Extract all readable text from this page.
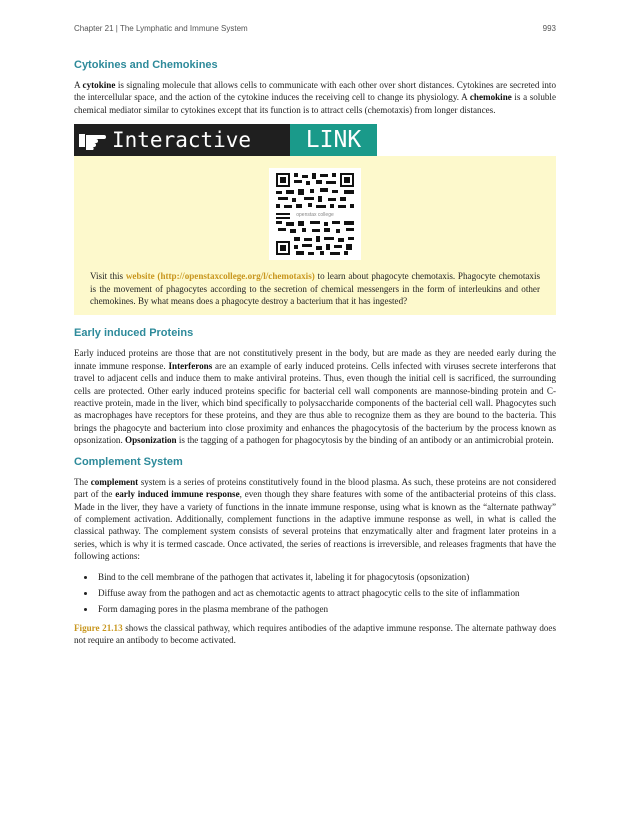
Chapter 21 | The Lymphatic and Immune System	993
Cytokines and Chemokines

A cytokine is signaling molecule that allows cells to communicate with each other over short distances. Cytokines are secreted into the intercellular space, and the action of the cytokine induces the receiving cell to change its physiology. A chemokine is a soluble chemical mediator similar to cytokines except that its function is to attract cells (chemotaxis) from longer distances.

Interactive	LINK
openstax college

Visit this website (http://openstaxcollege.org/l/chemotaxis) to learn about phagocyte chemotaxis. Phagocyte chemotaxis is the movement of phagocytes according to the secretion of chemical messengers in the form of interleukins and other chemokines. By what means does a phagocyte destroy a bacterium that it has ingested?

Early induced Proteins

Early induced proteins are those that are not constitutively present in the body, but are made as they are needed early during the innate immune response. Interferons are an example of early induced proteins. Cells infected with viruses secrete interferons that travel to adjacent cells and induce them to make antiviral proteins. Thus, even though the initial cell is sacrificed, the surrounding cells are protected. Other early induced proteins specific for bacterial cell wall components are mannose-binding protein and C-reactive protein, made in the liver, which bind specifically to polysaccharide components of the bacterial cell wall. Phagocytes such as macrophages have receptors for these proteins, and they are thus able to recognize them as they are bound to the bacteria. This brings the phagocyte and bacterium into close proximity and enhances the phagocytosis of the bacterium by the process known as opsonization. Opsonization is the tagging of a pathogen for phagocytosis by the binding of an antibody or an antimicrobial protein.

Complement System

The complement system is a series of proteins constitutively found in the blood plasma. As such, these proteins are not considered part of the early induced immune response, even though they share features with some of the antibacterial proteins of this class. Made in the liver, they have a variety of functions in the innate immune response, using what is known as the “alternate pathway” of complement activation. Additionally, complement functions in the adaptive immune response as well, in what is called the classical pathway. The complement system consists of several proteins that enzymatically alter and fragment later proteins in a series, which is why it is termed cascade. Once activated, the series of reactions is irreversible, and releases fragments that have the following actions:

• Bind to the cell membrane of the pathogen that activates it, labeling it for phagocytosis (opsonization)
• Diffuse away from the pathogen and act as chemotactic agents to attract phagocytic cells to the site of inflammation
• Form damaging pores in the plasma membrane of the pathogen

Figure 21.13 shows the classical pathway, which requires antibodies of the adaptive immune response. The alternate pathway does not require an antibody to become activated.
